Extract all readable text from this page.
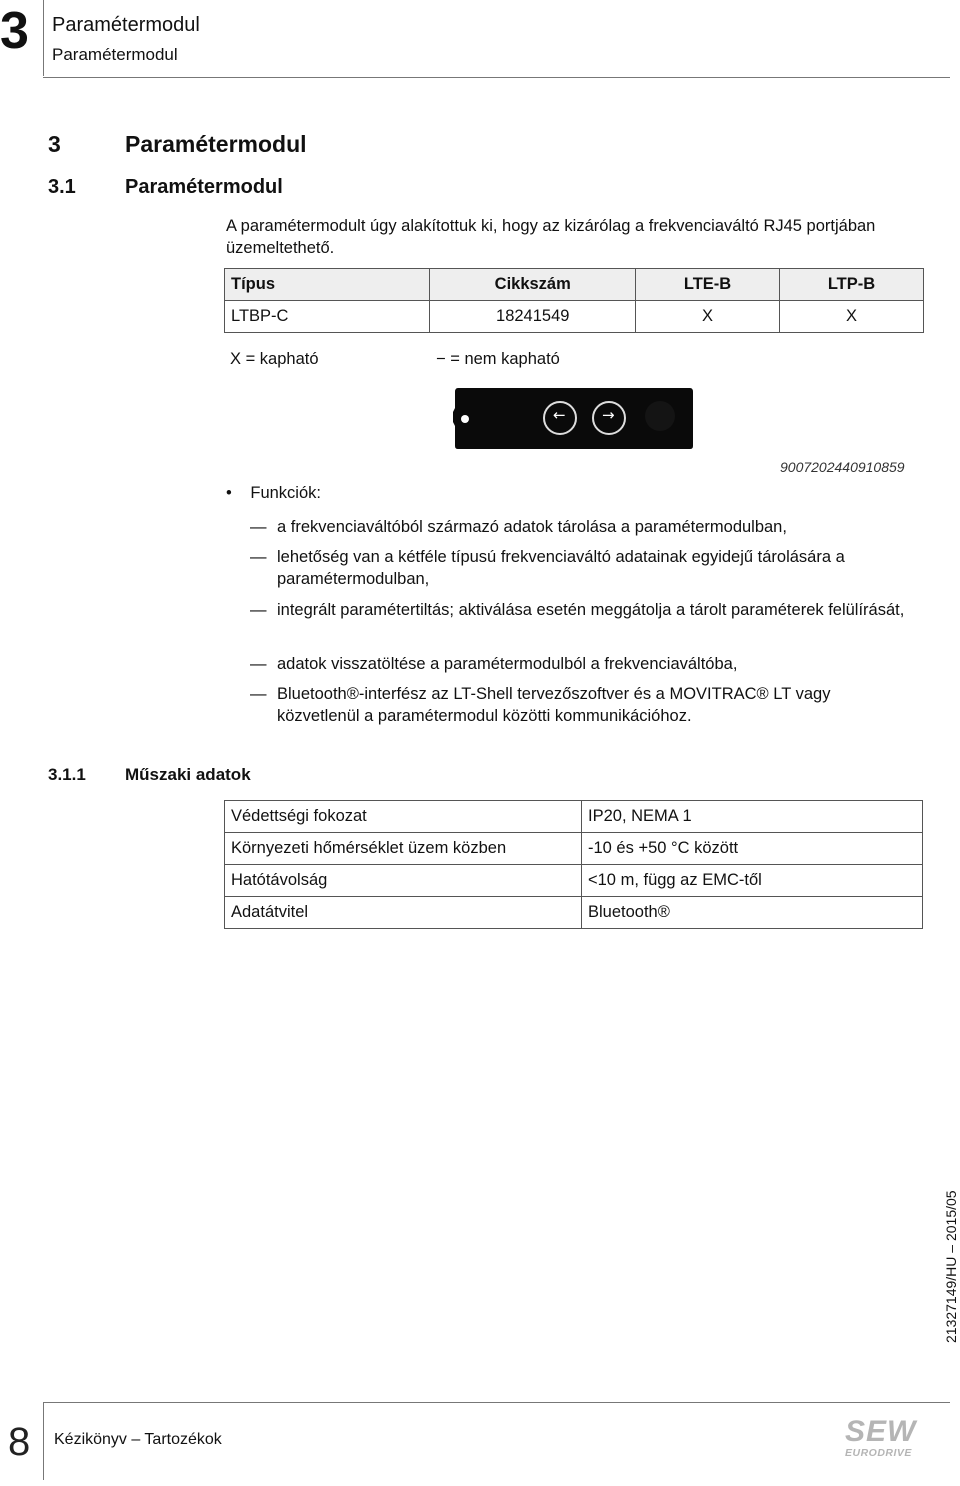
3 Paramétermodul
Paramétermodul
3	Paramétermodul
3.1 Paramétermodul
A paramétermodult úgy alakítottuk ki, hogy az kizárólag a frekvenciaváltó RJ45 portjában üzemeltethető.
Típus	Cikkszám	LTE-B	LTP-B
LTBP-C	18241549	X	X
X = kapható	− = nem kapható
← →
9007202440910859
• Funkciók:
— a frekvenciaváltóból származó adatok tárolása a paramétermodulban,
— lehetőség van a kétféle típusú frekvenciaváltó adatainak egyidejű tárolására a paramétermodulban,
— integrált paramétertiltás; aktiválása esetén meggátolja a tárolt paraméterek felülírását,
— adatok visszatöltése a paramétermodulból a frekvenciaváltóba,
— Bluetooth®-interfész az LT-Shell tervezőszoftver és a MOVITRAC® LT vagy közvetlenül a paramétermodul közötti kommunikációhoz.
3.1.1 Műszaki adatok
Védettségi fokozat	IP20, NEMA 1
Környezeti hőmérséklet üzem közben	-10 és +50 °C között
Hatótávolság	<10 m, függ az EMC-től
Adatátvitel	Bluetooth®
21327149/HU – 2015/05
8 Kézikönyv – Tartozékok	SEW
EURODRIVE
